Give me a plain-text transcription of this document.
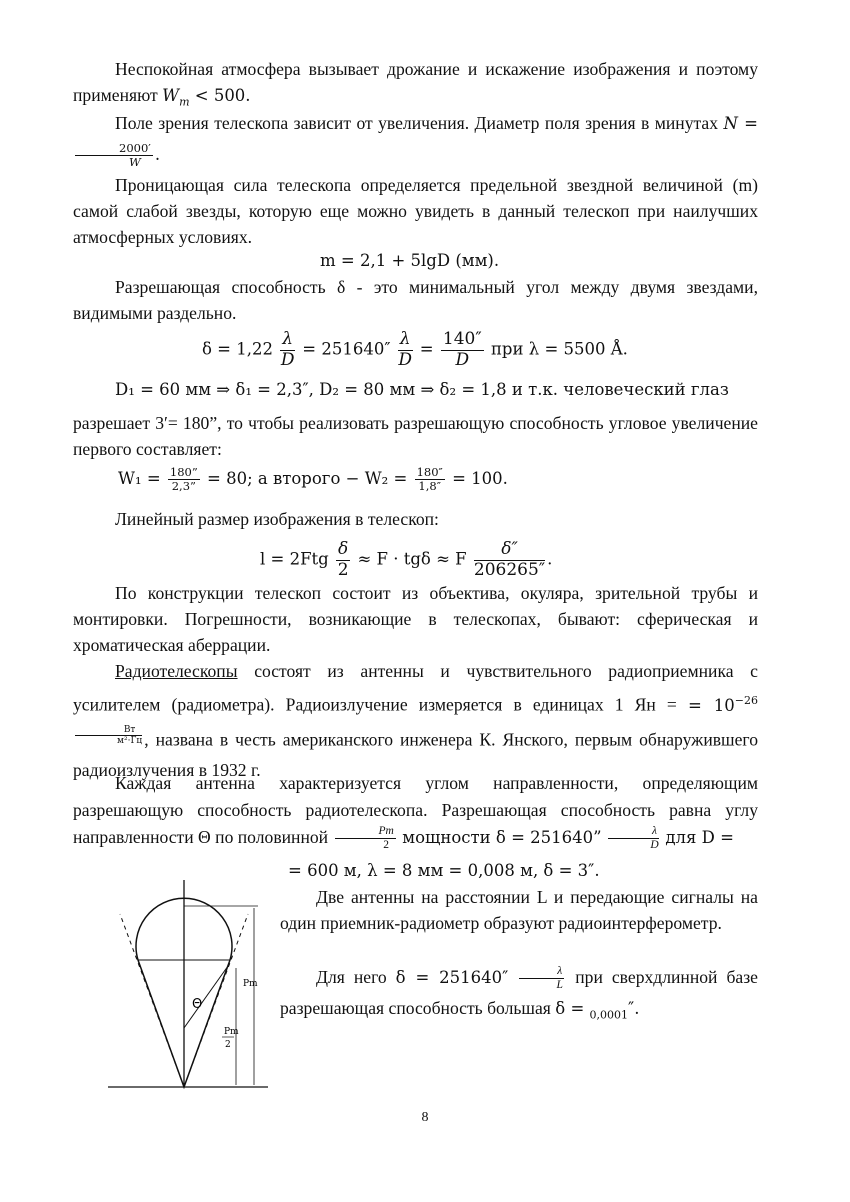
Неспокойная атмосфера вызывает дрожание и искажение изображения и поэтому применяют $W_m < 500$.
Поле зрения телескопа зависит от увеличения. Диаметр поля зрения в минутах N =
$\frac{2000'}{W}$ .
Проницающая сила телескопа определяется предельной звездной величиной (m) самой слабой звезды, которую еще можно увидеть в данный телескоп при наилучших атмосферных условиях.
m = 2,1 + 5lgD (мм).
Разрешающая способность δ - это минимальный угол между двумя звездами, видимыми раздельно.
$\delta = 1,22 \frac{\lambda}{D} = 251640'' \frac{\lambda}{D} = \frac{140''}{D}$ при λ = 5500 Å.
D₁ = 60 мм ⇒ δ₁ = 2,3″, D₂ = 80 мм ⇒ δ₂ = 1,8 и т.к. человеческий глаз
разрешает 3′= 180”, то чтобы реализовать разрешающую способность угловое увеличение первого составляет:
$W_1 = \frac{180”}{2,3”} = 80$; а второго − $W_2 = \frac{180''}{1,8''} = 100$.
Линейный размер изображения в телескоп:
$l = 2Ftg \frac{\delta}{2} \approx F \cdot tg\delta \approx F \frac{\delta''}{206265''}$ .
По конструкции телескоп состоит из объектива, окуляра, зрительной трубы и монтировки. Погрешности, возникающие в телескопах, бывают: сферическая и хроматическая аберрации.
Радиотелескопы состоят из антенны и чувствительного радиоприемника с усилителем (радиометра). Радиоизлучение измеряется в единицах 1 Ян = = $10^{-26 \frac{Вт}{\text{м²·Гц}}}$ , названа в честь американского инженера К. Янского, первым обнаружившего радиоизлучения в 1932 г.
Каждая антенна характеризуется углом направленности, определяющим разрешающую способность радиотелескопа. Разрешающая способность равна углу направленности Θ по половинной $\frac{Pm}{2}$ мощности δ = 251640” $\frac{\lambda}{D}$ для D =
= 600 м, λ = 8 мм = 0,008 м, δ = 3″.
Θ
Pm
Pm
2
Две антенны на расстоянии L и передающие сигналы на один приемник-радиометр образуют радиоинтерферометр.
Для него $\delta = 251640'' \frac{\lambda}{L}$ при сверхдлинной базе разрешающая способность большая δ = $_{0,0001}$″.
8
